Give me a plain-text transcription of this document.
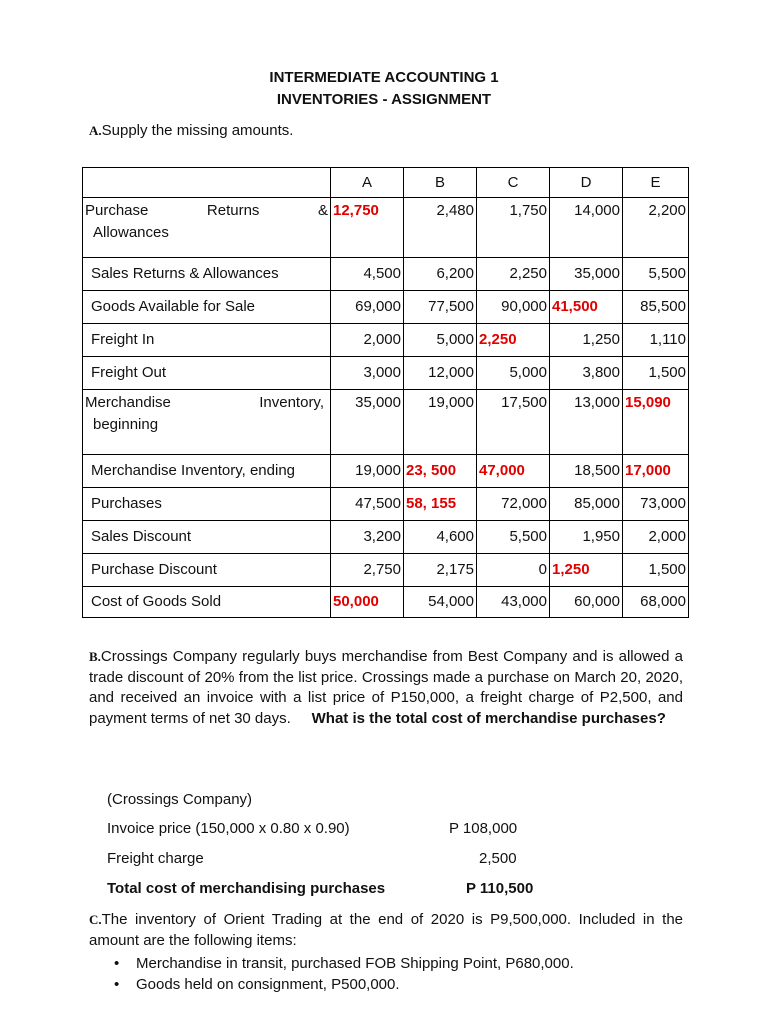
INTERMEDIATE ACCOUNTING 1
INVENTORIES - ASSIGNMENT
A.Supply the missing amounts.
	A	B	C	D	E

Purchase Returns &
Allowances	12,750	2,480	1,750	14,000	2,200
Sales Returns & Allowances	4,500	6,200	2,250	35,000	5,500
Goods Available for Sale	69,000	77,500	90,000	41,500	85,500
Freight In	2,000	5,000	2,250	1,250	1,110
Freight Out	3,000	12,000	5,000	3,800	1,500

Merchandise Inventory,
beginning	35,000	19,000	17,500	13,000	15,090
Merchandise Inventory, ending	19,000	23, 500	47,000	18,500	17,000
Purchases	47,500	58, 155	72,000	85,000	73,000
Sales Discount	3,200	4,600	5,500	1,950	2,000
Purchase Discount	2,750	2,175	0	1,250	1,500
Cost of Goods Sold	50,000	54,000	43,000	60,000	68,000
B.Crossings Company regularly buys merchandise from Best Company and is allowed a trade discount of 20% from the list price. Crossings made a purchase on March 20, 2020, and received an invoice with a list price of P150,000, a freight charge of P2,500, and payment terms of net 30 days. What is the total cost of merchandise purchases?
(Crossings Company)
Invoice price (150,000 x 0.80 x 0.90)	P 108,000
Freight charge	2,500
Total cost of merchandising purchases	P 110,500
C.The inventory of Orient Trading at the end of 2020 is P9,500,000. Included in the amount are the following items:
• Merchandise in transit, purchased FOB Shipping Point, P680,000.
• Goods held on consignment, P500,000.
